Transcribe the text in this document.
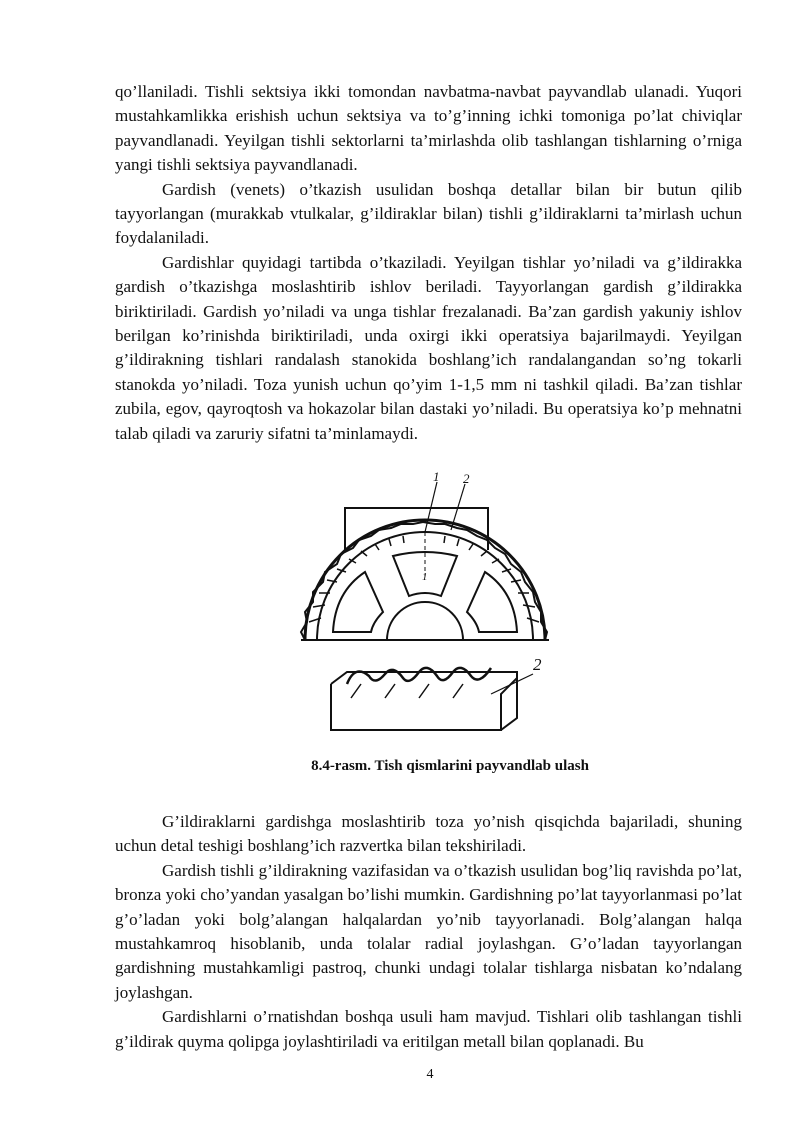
qo’llaniladi. Tishli sektsiya ikki tomondan navbatma-navbat payvandlab ulanadi. Yuqori mustahkamlikka erishish uchun sektsiya va to’g’inning ichki tomoniga po’lat chiviqlar payvandlanadi. Yeyilgan tishli sektorlarni ta’mirlashda olib tashlangan tishlarning o’rniga yangi tishli sektsiya payvandlanadi.

Gardish (venets) o’tkazish usulidan boshqa detallar bilan bir butun qilib tayyorlangan (murakkab vtulkalar, g’ildiraklar bilan) tishli g’ildiraklarni ta’mirlash uchun foydalaniladi.

Gardishlar quyidagi tartibda o’tkaziladi. Yeyilgan tishlar yo’niladi va g’ildirakka gardish o’tkazishga moslashtirib ishlov beriladi. Tayyorlangan gardish g’ildirakka biriktiriladi. Gardish yo’niladi va unga tishlar frezalanadi. Ba’zan gardish yakuniy ishlov berilgan ko’rinishda biriktiriladi, unda oxirgi ikki operatsiya bajarilmaydi. Yeyilgan g’ildirakning tishlari randalash stanokida boshlang’ich randalangandan so’ng tokarli stanokda yo’niladi. Toza yunish uchun qo’yim 1-1,5 mm ni tashkil qiladi. Ba’zan tishlar zubila, egov, qayroqtosh va hokazolar bilan dastaki yo’niladi. Bu operatsiya ko’p mehnatni talab qiladi va zaruriy sifatni ta’minlamaydi.

1 2
1
2
8.4-rasm. Tish qismlarini payvandlab ulash

G’ildiraklarni gardishga moslashtirib toza yo’nish qisqichda bajariladi, shuning uchun detal teshigi boshlang’ich razvertka bilan tekshiriladi.

Gardish tishli g’ildirakning vazifasidan va o’tkazish usulidan bog’liq ravishda po’lat, bronza yoki cho’yandan yasalgan bo’lishi mumkin. Gardishning po’lat tayyorlanmasi po’lat g’o’ladan yoki bolg’alangan halqalardan yo’nib tayyorlanadi. Bolg’alangan halqa mustahkamroq hisoblanib, unda tolalar radial joylashgan. G’o’ladan tayyorlangan gardishning mustahkamligi pastroq, chunki undagi tolalar tishlarga nisbatan ko’ndalang joylashgan.

Gardishlarni o’rnatishdan boshqa usuli ham mavjud. Tishlari olib tashlangan tishli g’ildirak quyma qolipga joylashtiriladi va eritilgan metall bilan qoplanadi. Bu

4
